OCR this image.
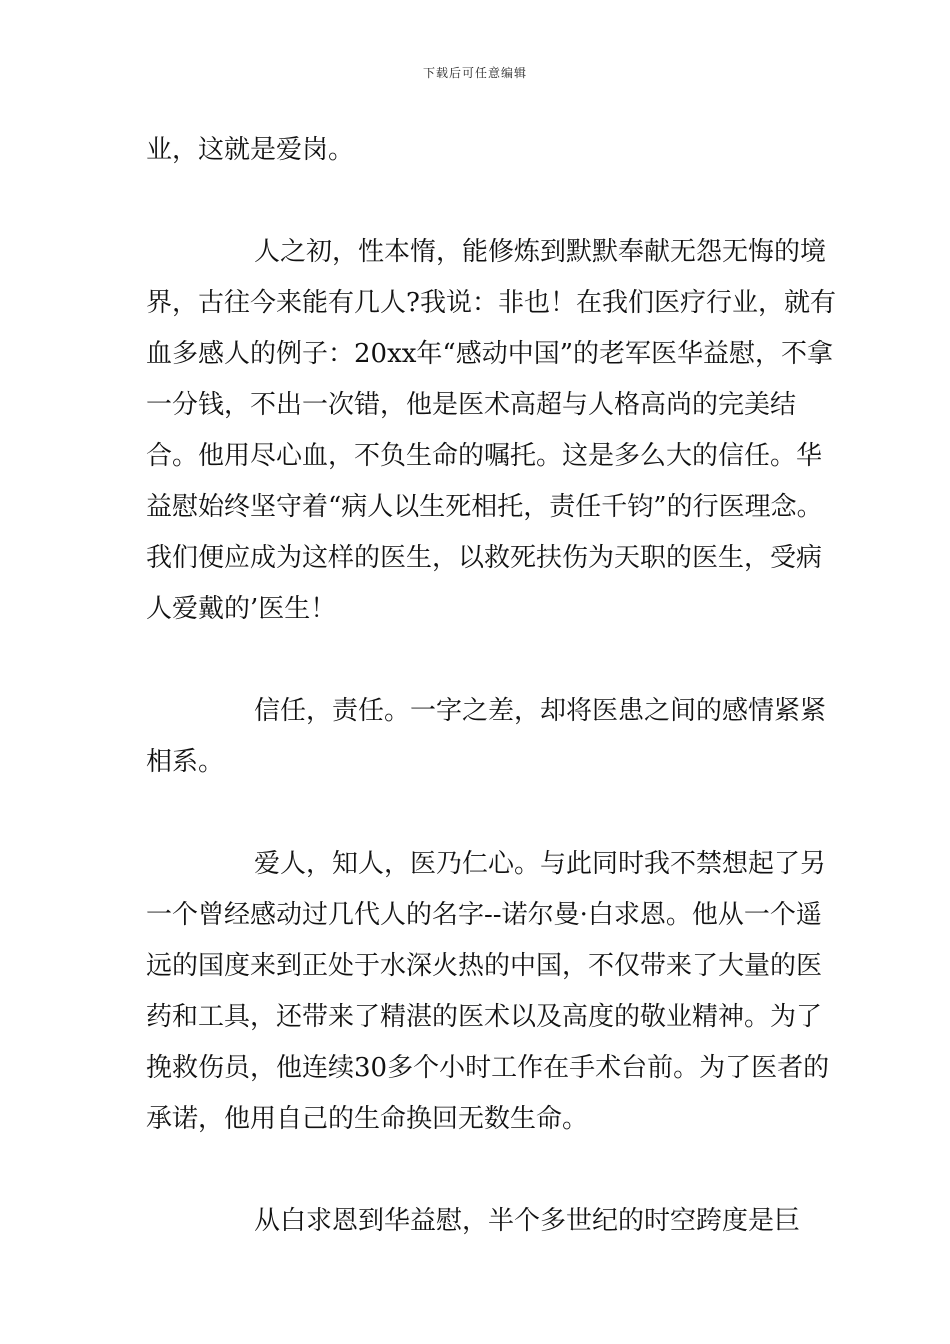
下载后可任意编辑

业，这就是爱岗。

人之初，性本惰，能修炼到默默奉献无怨无悔的境界，古往今来能有几人?我说：非也！在我们医疗行业，就有血多感人的例子：20xx年“感动中国”的老军医华益慰，不拿一分钱，不出一次错，他是医术高超与人格高尚的完美结合。他用尽心血，不负生命的嘱托。这是多么大的信任。华益慰始终坚守着“病人以生死相托，责任千钧”的行医理念。我们便应成为这样的医生，以救死扶伤为天职的医生，受病人爱戴的’医生！

信任，责任。一字之差，却将医患之间的感情紧紧相系。

爱人，知人，医乃仁心。与此同时我不禁想起了另一个曾经感动过几代人的名字--诺尔曼·白求恩。他从一个遥远的国度来到正处于水深火热的中国，不仅带来了大量的医药和工具，还带来了精湛的医术以及高度的敬业精神。为了挽救伤员，他连续30多个小时工作在手术台前。为了医者的承诺，他用自己的生命换回无数生命。

从白求恩到华益慰，半个多世纪的时空跨度是巨
